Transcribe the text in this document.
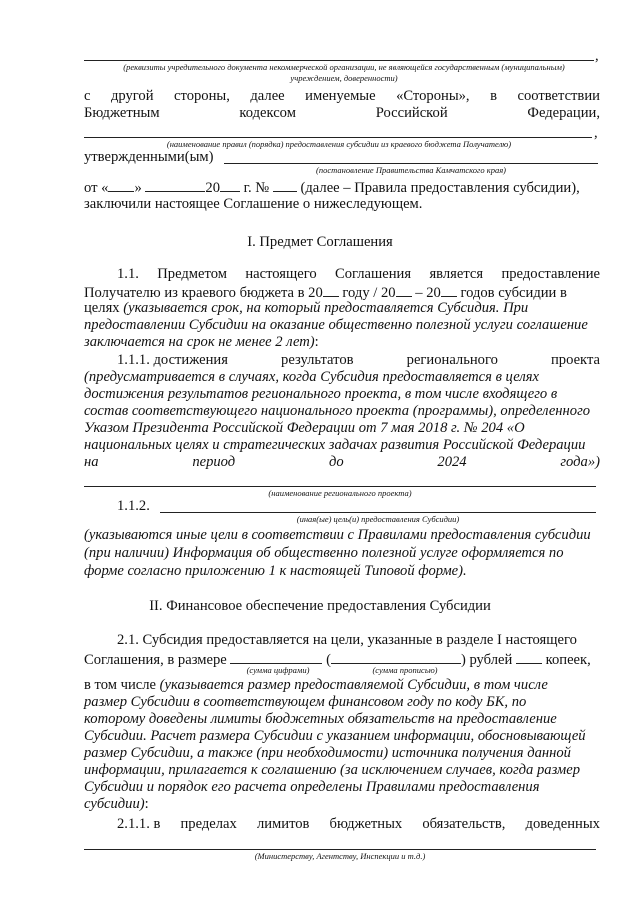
,
(реквизиты учредительного документа некоммерческой организации, не являющейся государственным (муниципальным)
учреждением, доверенности)
с другой стороны, далее именуемые «Стороны», в соответствии
Бюджетным	кодексом	Российской	Федерации,
,
(наименование правил (порядка) предоставления субсидии из краевого бюджета Получателю)
утвержденными(ым)
(постановление Правительства Камчатского края)
от « »	20 г. № (далее – Правила предоставления субсидии),
заключили настоящее Соглашение о нижеследующем.
I. Предмет Соглашения
1.1. Предметом настоящего Соглашения является предоставление
Получателю из краевого бюджета в 20 году / 20 – 20 годов субсидии в
целях (указывается срок, на который предоставляется Субсидия. При
предоставлении Субсидии на оказание общественно полезной услуги соглашение
заключается на срок не менее 2 лет):
1.1.1. достижения	результатов	регионального	проекта
(предусматривается в случаях, когда Субсидия предоставляется в целях
достижения результатов регионального проекта, в том числе входящего в
состав соответствующего национального проекта (программы), определенного
Указом Президента Российской Федерации от 7 мая 2018 г. № 204 «О
национальных целях и стратегических задачах развития Российской Федерации
на	период	до	2024	года»)
(наименование регионального проекта)
1.1.2.
(иная(ые) цель(и) предоставления Субсидии)
(указываются иные цели в соответствии с Правилами предоставления субсидии
(при наличии) Информация об общественно полезной услуге оформляется по
форме согласно приложению 1 к настоящей Типовой форме).
II. Финансовое обеспечение предоставления Субсидии
2.1. Субсидия предоставляется на цели, указанные в разделе I настоящего
Соглашения, в размере	(	) рублей копеек,
(сумма цифрами)	(сумма прописью)
в том числе (указывается размер предоставляемой Субсидии, в том числе
размер Субсидии в соответствующем финансовом году по коду БК, по
которому доведены лимиты бюджетных обязательств на предоставление
Субсидии. Расчет размера Субсидии с указанием информации, обосновывающей
размер Субсидии, а также (при необходимости) источника получения данной
информации, прилагается к соглашению (за исключением случаев, когда размер
Субсидии и порядок его расчета определены Правилами предоставления
субсидии):
2.1.1. в пределах лимитов бюджетных обязательств, доведенных
(Министерству, Агентству, Инспекции и т.д.)
